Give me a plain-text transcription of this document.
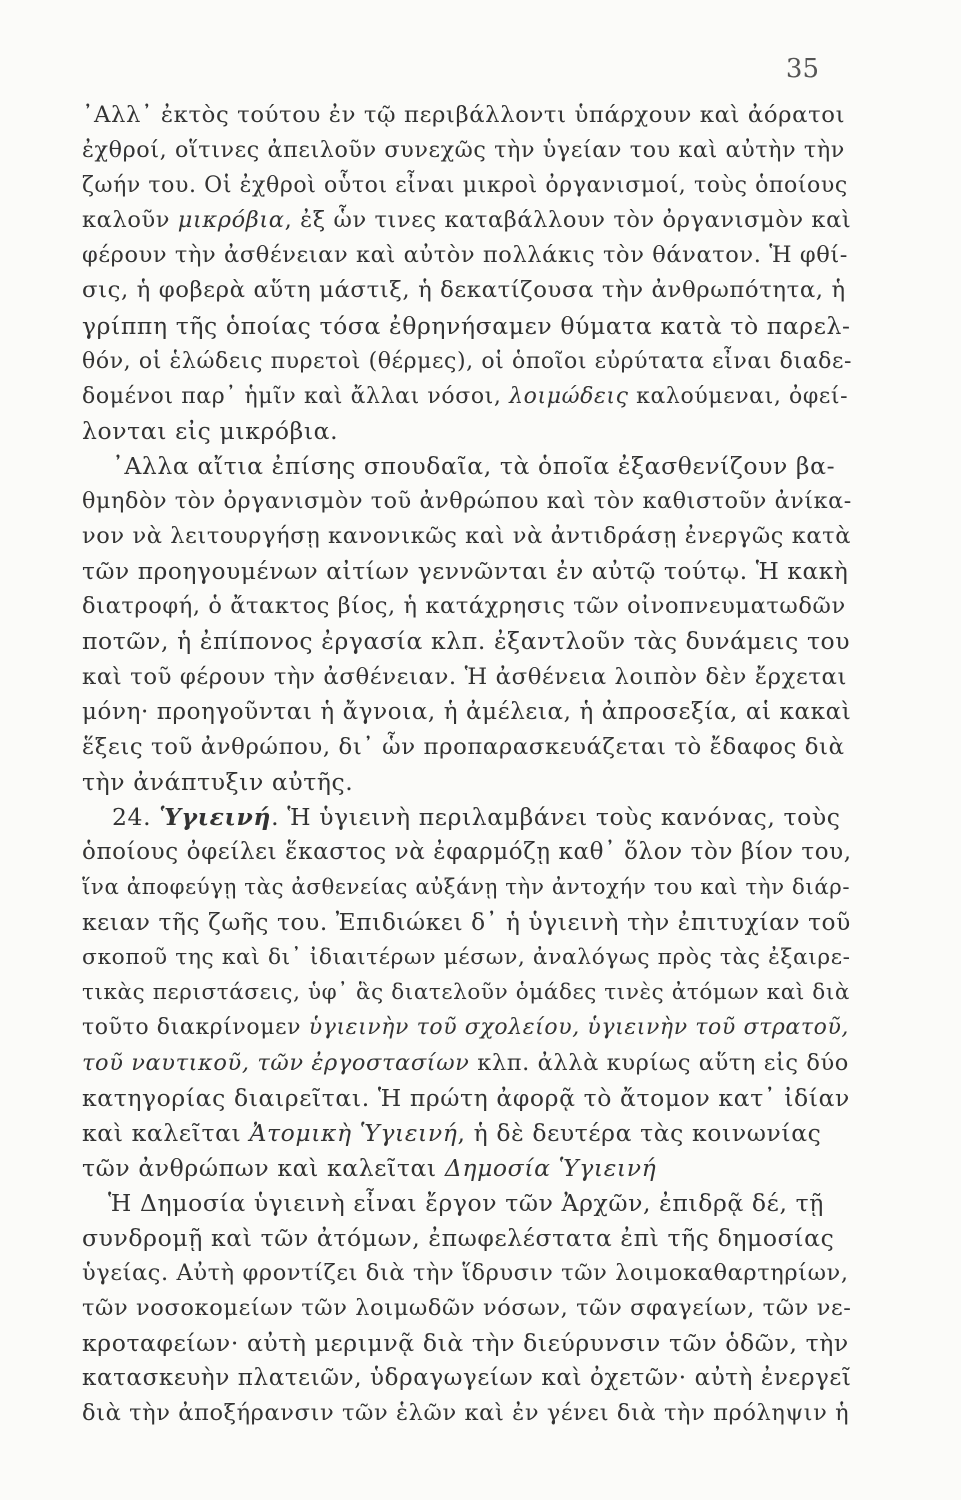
35
᾽Αλλ᾽ ἐκτὸς τούτου ἐν τῷ περιβάλλοντι ὑπάρχουν καὶ ἀόρατοι
ἐχθροί, οἵτινες ἀπειλοῦν συνεχῶς τὴν ὑγείαν του καὶ αὐτὴν τὴν
ζωήν του. Οἱ ἐχθροὶ οὗτοι εἶναι μικροὶ ὀργανισμοί, τοὺς ὁποίους
καλοῦν μικρόβια, ἐξ ὧν τινες καταβάλλουν τὸν ὀργανισμὸν καὶ
φέρουν τὴν ἀσθένειαν καὶ αὐτὸν πολλάκις τὸν θάνατον. Ἡ φθί-
σις, ἡ φοβερὰ αὕτη μάστιξ, ἡ δεκατίζουσα τὴν ἀνθρωπότητα, ἡ
γρίππη τῆς ὁποίας τόσα ἐθρηνήσαμεν θύματα κατὰ τὸ παρελ-
θόν, οἱ ἑλώδεις πυρετοὶ (θέρμες), οἱ ὁποῖοι εὐρύτατα εἶναι διαδε-
δομένοι παρ᾽ ἡμῖν καὶ ἄλλαι νόσοι, λοιμώδεις καλούμεναι, ὀφεί-
λονται εἰς μικρόβια.
᾽Αλλα αἴτια ἐπίσης σπουδαῖα, τὰ ὁποῖα ἐξασθενίζουν βα-
θμηδὸν τὸν ὀργανισμὸν τοῦ ἀνθρώπου καὶ τὸν καθιστοῦν ἀνίκα-
νον νὰ λειτουργήσῃ κανονικῶς καὶ νὰ ἀντιδράσῃ ἐνεργῶς κατὰ
τῶν προηγουμένων αἰτίων γεννῶνται ἐν αὐτῷ τούτῳ. Ἡ κακὴ
διατροφή, ὁ ἄτακτος βίος, ἡ κατάχρησις τῶν οἰνοπνευματωδῶν
ποτῶν, ἡ ἐπίπονος ἐργασία κλπ. ἐξαντλοῦν τὰς δυνάμεις του
καὶ τοῦ φέρουν τὴν ἀσθένειαν. Ἡ ἀσθένεια λοιπὸν δὲν ἔρχεται
μόνη· προηγοῦνται ἡ ἄγνοια, ἡ ἀμέλεια, ἡ ἀπροσεξία, αἱ κακαὶ
ἕξεις τοῦ ἀνθρώπου, δι᾽ ὧν προπαρασκευάζεται τὸ ἔδαφος διὰ
τὴν ἀνάπτυξιν αὐτῆς.
24. Ὑγιεινή. Ἡ ὑγιεινὴ περιλαμβάνει τοὺς κανόνας, τοὺς
ὁποίους ὀφείλει ἕκαστος νὰ ἐφαρμόζῃ καθ᾽ ὅλον τὸν βίον του,
ἵνα ἀποφεύγῃ τὰς ἀσθενείας αὐξάνῃ τὴν ἀντοχήν του καὶ τὴν διάρ-
κειαν τῆς ζωῆς του. Ἐπιδιώκει δ᾽ ἡ ὑγιεινὴ τὴν ἐπιτυχίαν τοῦ
σκοποῦ της καὶ δι᾽ ἰδιαιτέρων μέσων, ἀναλόγως πρὸς τὰς ἐξαιρε-
τικὰς περιστάσεις, ὑφ᾽ ἃς διατελοῦν ὁμάδες τινὲς ἀτόμων καὶ διὰ
τοῦτο διακρίνομεν ὑγιεινὴν τοῦ σχολείου, ὑγιεινὴν τοῦ στρατοῦ,
τοῦ ναυτικοῦ, τῶν ἐργοστασίων κλπ. ἀλλὰ κυρίως αὕτη εἰς δύο
κατηγορίας διαιρεῖται. Ἡ πρώτη ἀφορᾷ τὸ ἄτομον κατ᾽ ἰδίαν
καὶ καλεῖται Ἀτομικὴ Ὑγιεινή, ἡ δὲ δευτέρα τὰς κοινωνίας
τῶν ἀνθρώπων καὶ καλεῖται Δημοσία Ὑγιεινή
Ἡ Δημοσία ὑγιεινὴ εἶναι ἔργον τῶν Ἀρχῶν, ἐπιδρᾷ δέ, τῇ
συνδρομῇ καὶ τῶν ἀτόμων, ἐπωφελέστατα ἐπὶ τῆς δημοσίας
ὑγείας. Αὐτὴ φροντίζει διὰ τὴν ἵδρυσιν τῶν λοιμοκαθαρτηρίων,
τῶν νοσοκομείων τῶν λοιμωδῶν νόσων, τῶν σφαγείων, τῶν νε-
κροταφείων· αὐτὴ μεριμνᾷ διὰ τὴν διεύρυνσιν τῶν ὁδῶν, τὴν
κατασκευὴν πλατειῶν, ὑδραγωγείων καὶ ὀχετῶν· αὐτὴ ἐνεργεῖ
διὰ τὴν ἀποξήρανσιν τῶν ἑλῶν καὶ ἐν γένει διὰ τὴν πρόληψιν ἡ
